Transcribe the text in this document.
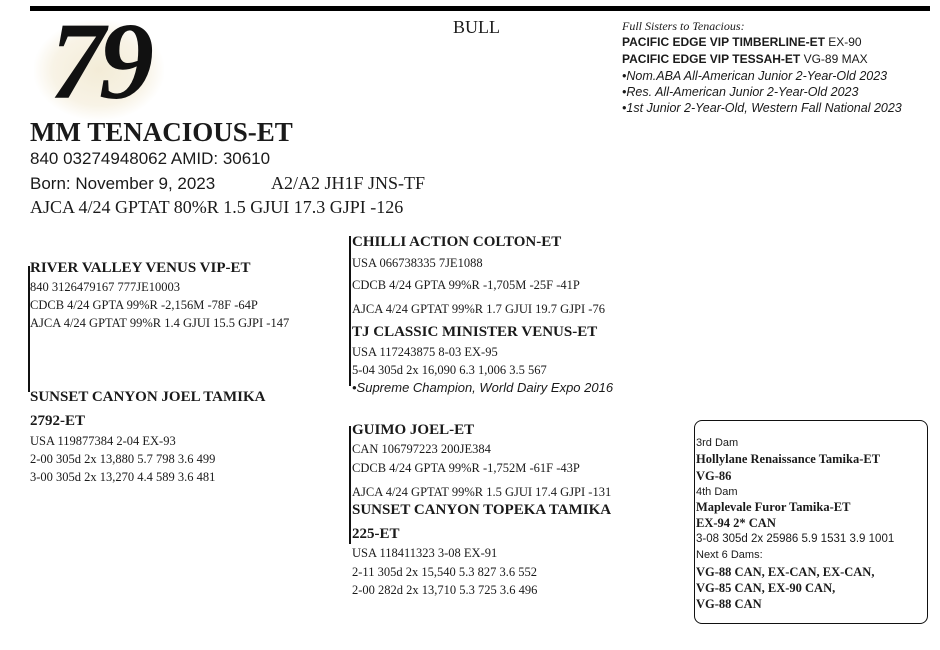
79	BULL	Full Sisters to Tenacious:
PACIFIC EDGE VIP TIMBERLINE-ET EX-90
PACIFIC EDGE VIP TESSAH-ET VG-89 MAX
•Nom.ABA All-American Junior 2-Year-Old 2023
•Res. All-American Junior 2-Year-Old 2023
•1st Junior 2-Year-Old, Western Fall National 2023
MM TENACIOUS-ET
840 03274948062 AMID: 30610
Born: November 9, 2023	A2/A2 JH1F JNS-TF
AJCA 4/24 GPTAT 80%R 1.5 GJUI 17.3 GJPI -126
RIVER VALLEY VENUS VIP-ET
840 3126479167 777JE10003
CDCB 4/24 GPTA 99%R -2,156M -78F -64P
AJCA 4/24 GPTAT 99%R 1.4 GJUI 15.5 GJPI -147
CHILLI ACTION COLTON-ET
USA 066738335 7JE1088
CDCB 4/24 GPTA 99%R -1,705M -25F -41P
AJCA 4/24 GPTAT 99%R 1.7 GJUI 19.7 GJPI -76
TJ CLASSIC MINISTER VENUS-ET
USA 117243875 8-03 EX-95
5-04 305d 2x 16,090 6.3 1,006 3.5 567
•Supreme Champion, World Dairy Expo 2016
SUNSET CANYON JOEL TAMIKA
2792-ET
USA 119877384 2-04 EX-93
2-00 305d 2x 13,880 5.7 798 3.6 499
3-00 305d 2x 13,270 4.4 589 3.6 481
GUIMO JOEL-ET
CAN 106797223 200JE384
CDCB 4/24 GPTA 99%R -1,752M -61F -43P
AJCA 4/24 GPTAT 99%R 1.5 GJUI 17.4 GJPI -131
SUNSET CANYON TOPEKA TAMIKA
225-ET
USA 118411323 3-08 EX-91
2-11 305d 2x 15,540 5.3 827 3.6 552
2-00 282d 2x 13,710 5.3 725 3.6 496
3rd Dam
Hollylane Renaissance Tamika-ET
VG-86
4th Dam
Maplevale Furor Tamika-ET
EX-94 2* CAN
3-08 305d 2x 25986 5.9 1531 3.9 1001
Next 6 Dams:
VG-88 CAN, EX-CAN, EX-CAN,
VG-85 CAN, EX-90 CAN,
VG-88 CAN
